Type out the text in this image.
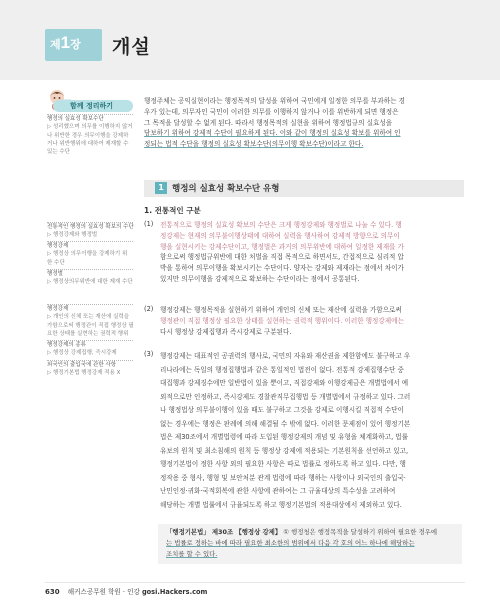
제1장 개설
함께 정리하기
행정의 실효성 확보수단
▷ 성리했으며 의무를 이행하지 않거
나 위반한 경우 의무이행을 강제하
거나 위반행위에 대하여 제재할 수
있는 수단
전통적인 행정의 실효성 확보의 수단
▷ 행정강제와 행정벌
행정강제
▷ 행정상 의무이행을 강제하기 위
한 수단
행정벌
▷ 행정상의무위반에 대한 제재 수단
행정강제
▷ 개인의 신체 또는 재산에 실력을
가함으로써 행정관이 직접 행정상 필
요한 상태를 실현하는 권력적 행위
행정강제의 종류
▷ 행정상 강제집행, 즉시강제
외국인의 출입국에 관한 사항
▷ 행정기본법 행정강제 적용 X
행정주체는 공익실현이라는 행정목적의 달성을 위하여 국민에게 일정한 의무를 부과하는 경
우가 있는데, 의무자인 국민이 이러한 의무를 이행하지 않거나 이를 위반하게 되면 행정은
그 목적을 달성할 수 없게 된다. 따라서 행정목적의 실현을 위하여 행정법규의 실효성을
담보하기 위하여 강제적 수단이 필요하게 된다. 이와 같이 행정의 실효성 확보를 위하여 인
정되는 법적 수단을 행정의 실효성 확보수단(의무이행 확보수단)이라고 한다.
1 행정의 실효성 확보수단 유형
1. 전통적인 구분
(1) 전통적으로 행정의 실효성 확보의 수단은 크게 행정강제와 행정벌로 나눌 수 있다. 행
정강제는 현재의 의무불이행상태에 대하여 실력을 행사하여 강제적 방향으로 의무이
행을 실현시키는 강제수단이고, 행정벌은 과거의 의무위반에 대하여 일정한 제재를 가
함으로써 행정법규위반에 대한 처벌을 직접 목적으로 하면서도, 간접적으로 심리적 압
박을 통하여 의무이행을 확보시키는 수단이다. 양자는 강제와 제재라는 점에서 차이가
있지만 의무이행을 강제적으로 확보하는 수단이라는 점에서 공통된다.
(2) 행정강제는 행정목적을 실현하기 위하여 개인의 신체 또는 재산에 실력을 가함으로써
행정관이 직접 행정상 필요한 상태를 실현하는 권력적 행위이다. 이러한 행정강제에는
다시 행정상 강제집행과 즉시강제로 구분된다.
(3) 행정강제는 대표적인 공권력의 행사로, 국민의 자유와 재산권을 제한함에도 불구하고 우
리나라에는 독일의 행정집행법과 같은 통일적인 법전이 없다. 전통적 강제집행수단 중
대집행과 강제징수에만 일반법이 있을 뿐이고, 직접강제와 이행강제금은 개별법에서 예
외적으로만 인정하고, 즉시강제도 경찰관직무집행법 등 개별법에서 규정하고 있다. 그러
나 행정법상 의무불이행이 있을 때도 불구하고 그것을 강제로 이행시킬 직접적 수단이
없는 경우에는 행정은 판례에 의해 해결될 수 밖에 없다. 이러한 문제점이 있어 행정기본
법은 제30조에서 개별법령에 따라 도입된 행정강제의 개념 및 유형을 체계화하고, 법률
유보의 원칙 및 최소침해의 원칙 등 행정상 강제에 적용되는 기본원칙을 선언하고 있고,
행정기본법이 정한 사항 외의 필요한 사항은 따로 법률로 정하도록 하고 있다. 다만, 행
정작용 중 형사, 행형 및 보안처분 관계 법령에 따라 행하는 사항이나 외국인의 출입국·
난민인정·귀화·국적회복에 관한 사항에 관하여는 그 규율대상의 특수성을 고려하여
해당하는 개별 법률에서 규율되도록 하고 행정기본법의 적용대상에서 제외하고 있다.
「행정기본법」 제30조 【행정상 강제】 ① 행정청은 행정목적을 달성하기 위하여 필요한 경우에
는 법률로 정하는 바에 따라 필요한 최소한의 범위에서 다음 각 호의 어느 하나에 해당하는
조치를 할 수 있다.
630 해커스공무원 학원 · 인강 gosi.Hackers.com
